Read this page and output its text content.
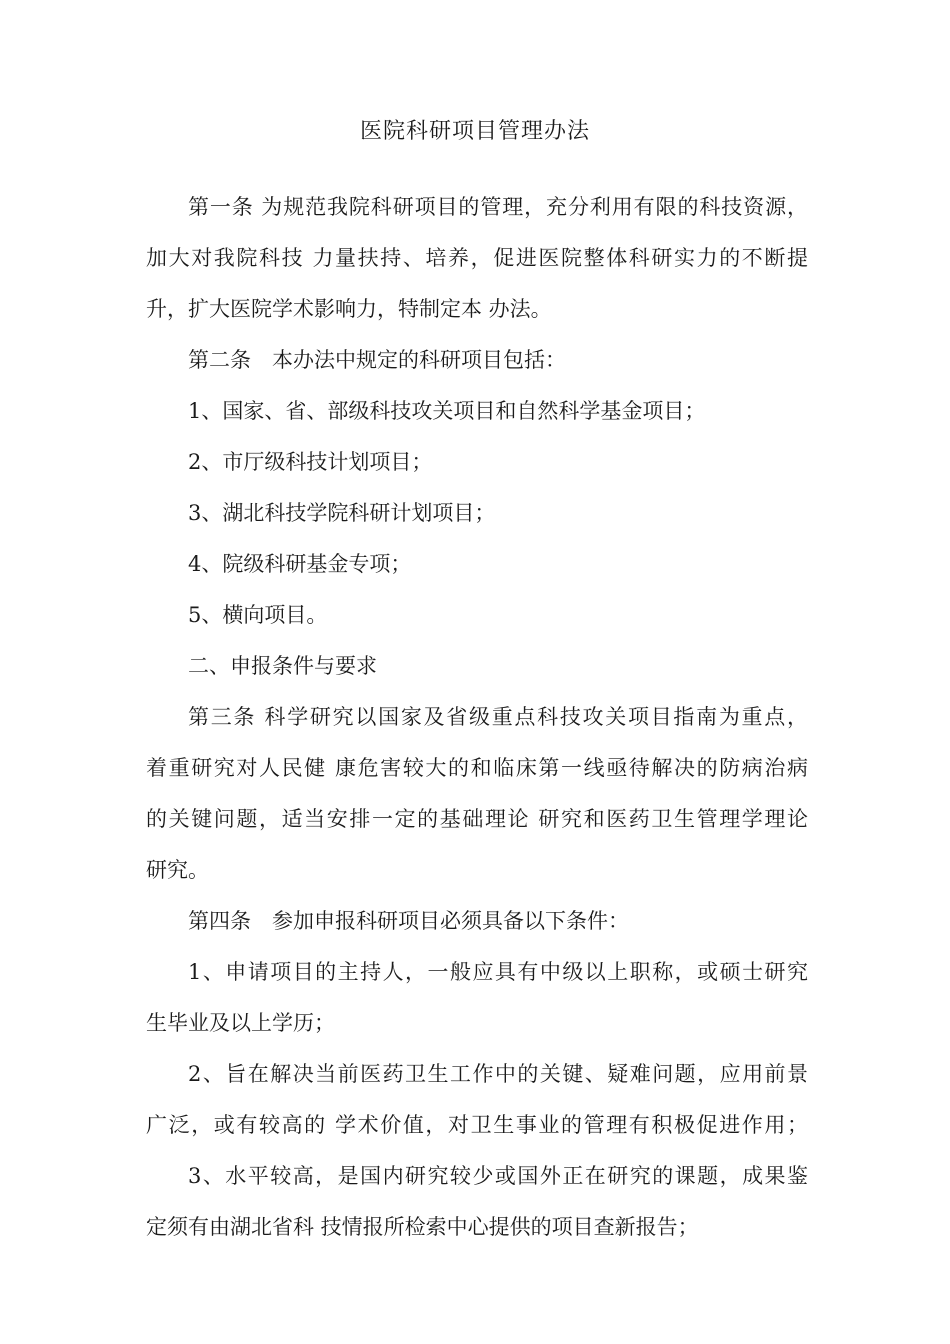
医院科研项目管理办法
第一条 为规范我院科研项目的管理，充分利用有限的科技资源，
加大对我院科技 力量扶持、培养，促进医院整体科研实力的不断提
升，扩大医院学术影响力，特制定本 办法。
第二条　本办法中规定的科研项目包括：
1、国家、省、部级科技攻关项目和自然科学基金项目；
2、市厅级科技计划项目；
3、湖北科技学院科研计划项目；
4、院级科研基金专项；
5、横向项目。
二、申报条件与要求
第三条 科学研究以国家及省级重点科技攻关项目指南为重点，
着重研究对人民健 康危害较大的和临床第一线亟待解决的防病治病
的关键问题，适当安排一定的基础理论 研究和医药卫生管理学理论
研究。
第四条　参加申报科研项目必须具备以下条件：
1、申请项目的主持人，一般应具有中级以上职称，或硕士研究
生毕业及以上学历；
2、旨在解决当前医药卫生工作中的关键、疑难问题，应用前景
广泛，或有较高的 学术价值，对卫生事业的管理有积极促进作用；
3、水平较高，是国内研究较少或国外正在研究的课题，成果鉴
定须有由湖北省科 技情报所检索中心提供的项目查新报告；
